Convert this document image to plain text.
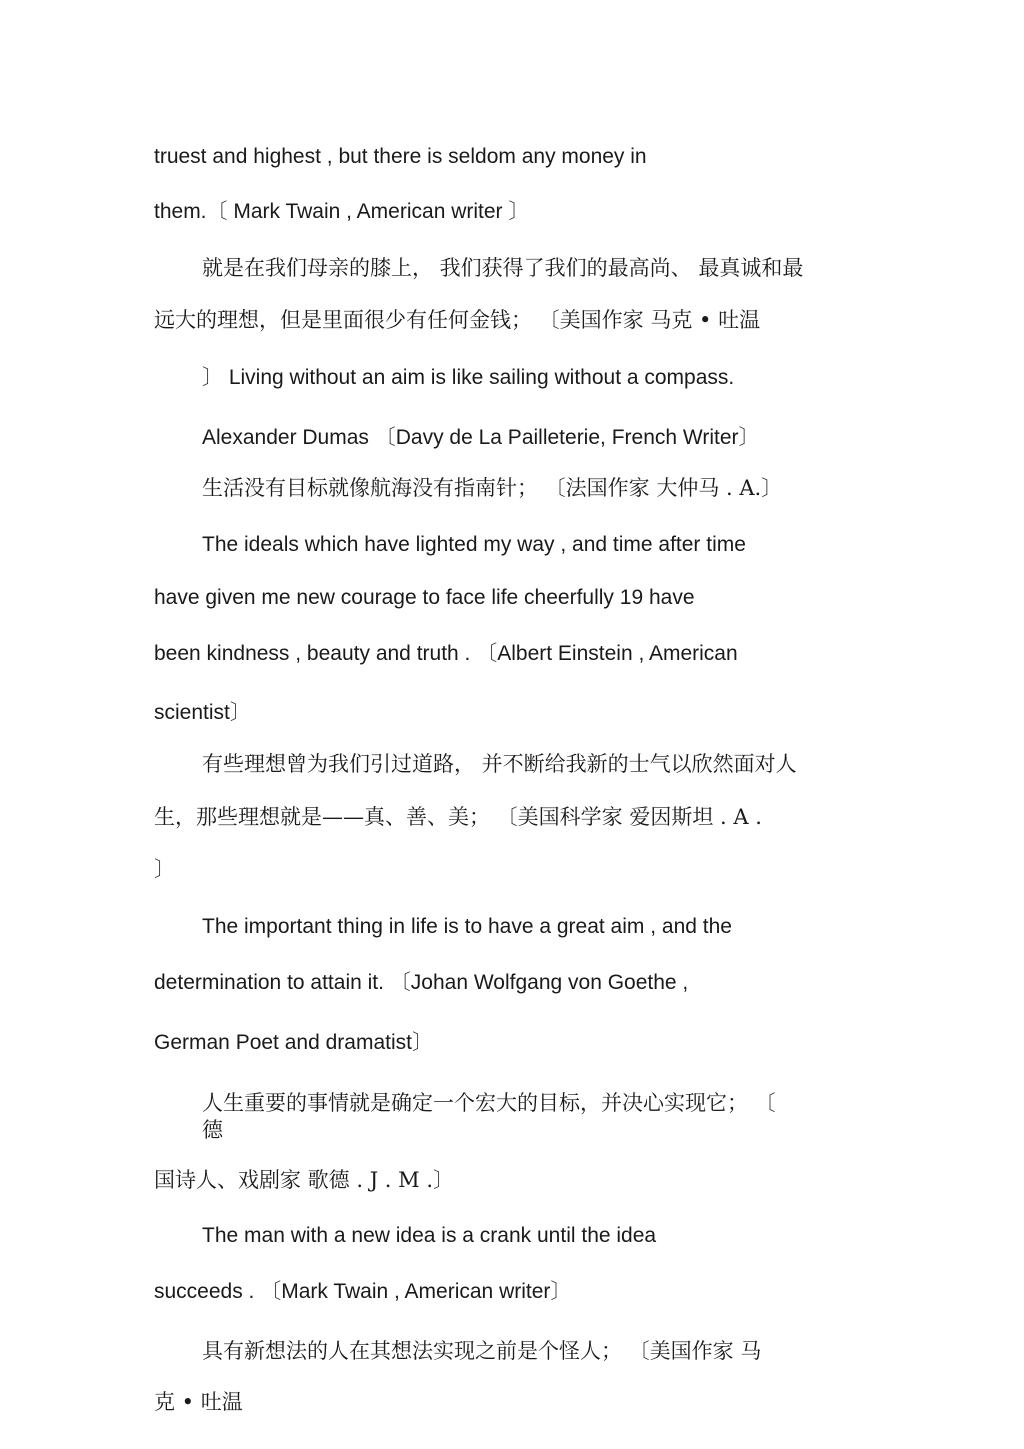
truest and highest , but there is seldom any money in
them.〔 Mark Twain , American writer 〕
就是在我们母亲的膝上， 我们获得了我们的最高尚、 最真诚和最
远大的理想，但是里面很少有任何金钱； 〔美国作家 马克 • 吐温
〕 Living without an aim is like sailing without a compass.
Alexander Dumas 〔Davy de La Pailleterie, French Writer〕
生活没有目标就像航海没有指南针； 〔法国作家 大仲马 . A.〕
The ideals which have lighted my way , and time after time
have given me new courage to face life cheerfully 19 have
been kindness , beauty and truth . 〔Albert Einstein , American
scientist〕
有些理想曾为我们引过道路， 并不断给我新的士气以欣然面对人
生，那些理想就是——真、善、美； 〔美国科学家 爱因斯坦 . A .
〕
The important thing in life is to have a great aim , and the
determination to attain it. 〔Johan Wolfgang von Goethe ,
German Poet and dramatist〕
人生重要的事情就是确定一个宏大的目标，并决心实现它； 〔
德
国诗人、戏剧家 歌德 . J . M .〕
The man with a new idea is a crank until the idea
succeeds . 〔Mark Twain , American writer〕
具有新想法的人在其想法实现之前是个怪人； 〔美国作家 马
克 • 吐温
